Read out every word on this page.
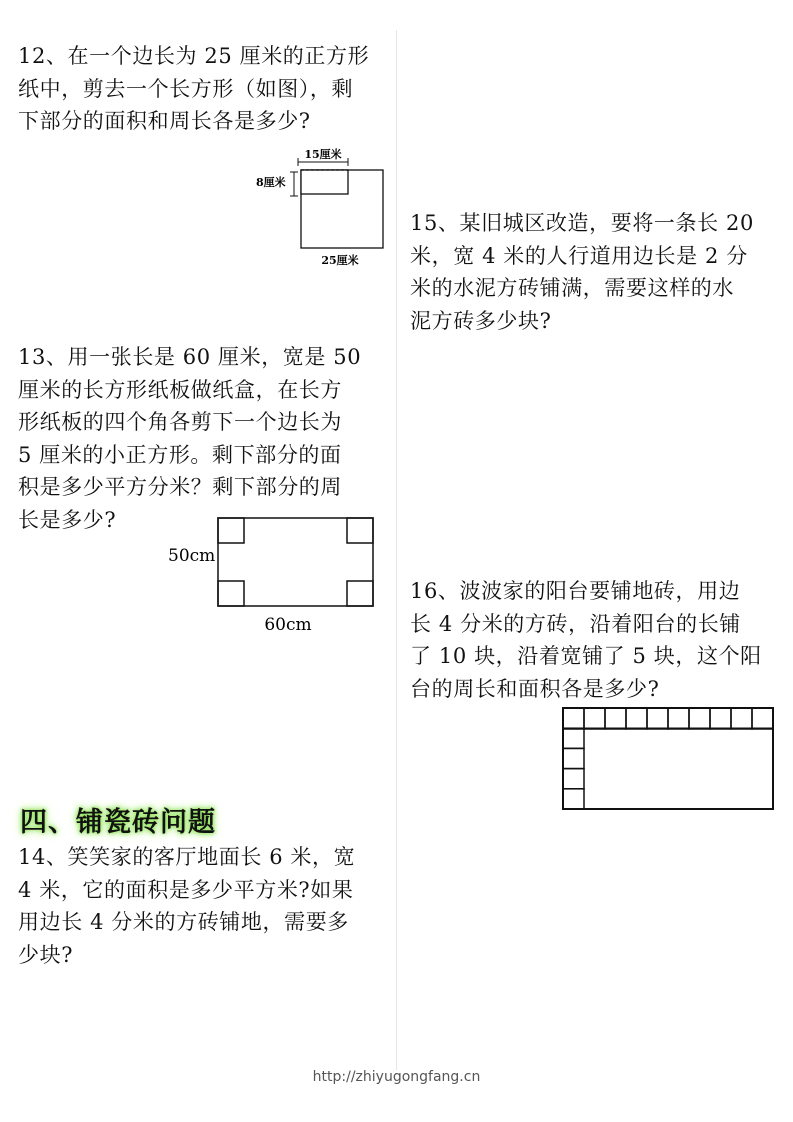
12、在一个边长为 25 厘米的正方形
纸中，剪去一个长方形（如图），剩
下部分的面积和周长各是多少?

15厘米
8厘米
25厘米

13、用一张长是 60 厘米，宽是 50
厘米的长方形纸板做纸盒，在长方
形纸板的四个角各剪下一个边长为
5 厘米的小正方形。剩下部分的面
积是多少平方分米？剩下部分的周
长是多少?

50cm
60cm
四、铺瓷砖问题

14、笑笑家的客厅地面长 6 米，宽
4 米，它的面积是多少平方米?如果
用边长 4 分米的方砖铺地，需要多
少块?

15、某旧城区改造，要将一条长 20
米，宽 4 米的人行道用边长是 2 分
米的水泥方砖铺满，需要这样的水
泥方砖多少块?

16、波波家的阳台要铺地砖，用边
长 4 分米的方砖，沿着阳台的长铺
了 10 块，沿着宽铺了 5 块，这个阳
台的周长和面积各是多少?

http://zhiyugongfang.cn
